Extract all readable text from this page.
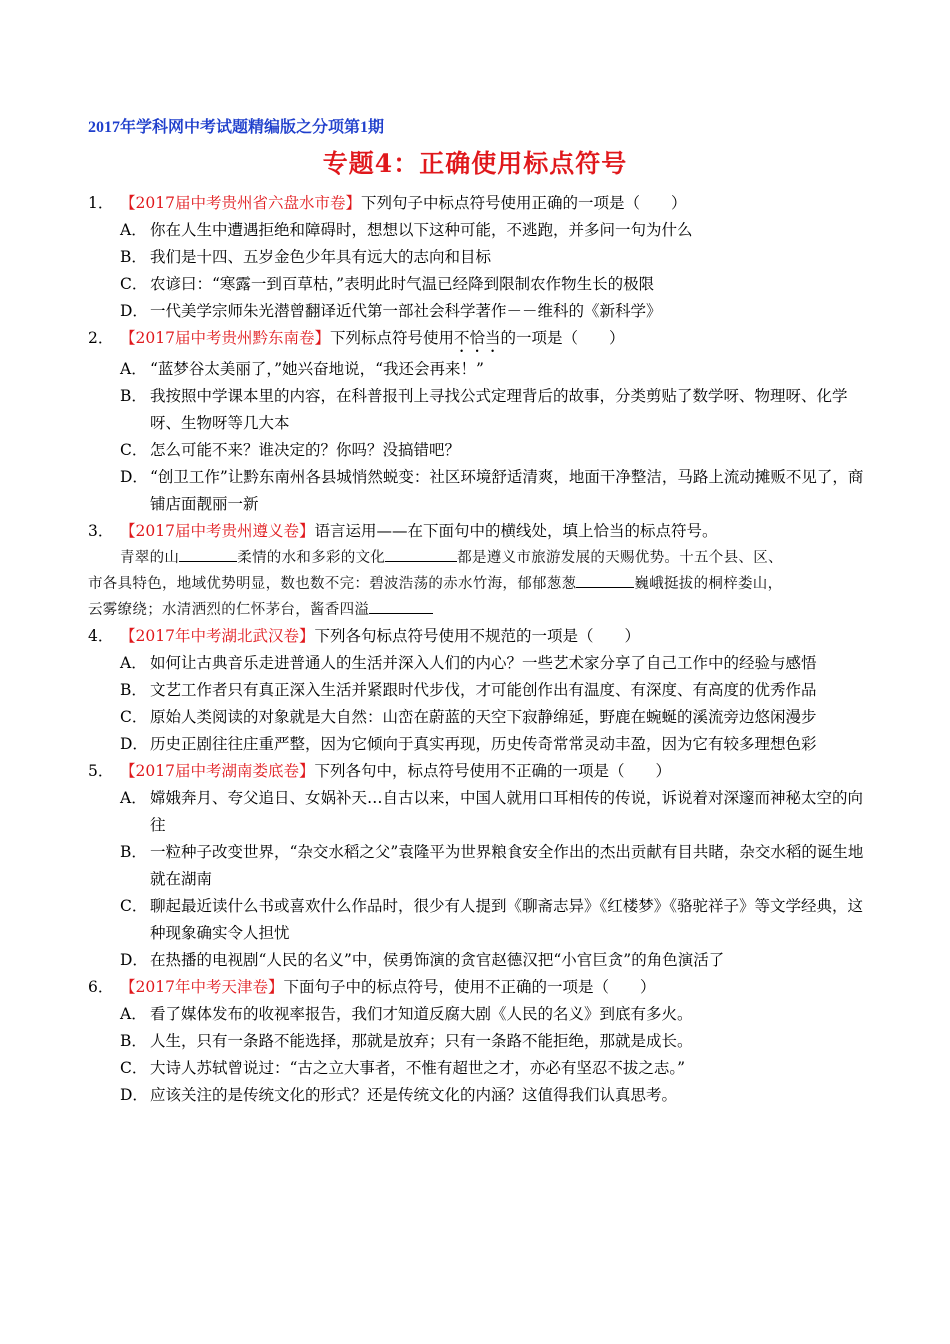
2017年学科网中考试题精编版之分项第1期
专题4：正确使用标点符号
1． 【2017届中考贵州省六盘水市卷】下列句子中标点符号使用正确的一项是（　　）
A． 你在人生中遭遇拒绝和障碍时，想想以下这种可能，不逃跑，并多问一句为什么
B． 我们是十四、五岁金色少年具有远大的志向和目标
C． 农谚曰：“寒露一到百草枯，”表明此时气温已经降到限制农作物生长的极限
D． 一代美学宗师朱光潜曾翻译近代第一部社会科学著作－－维科的《新科学》
2． 【2017届中考贵州黔东南卷】下列标点符号使用不恰当的一项是（　　）
A． “蓝梦谷太美丽了，”她兴奋地说，“我还会再来！”
B． 我按照中学课本里的内容，在科普报刊上寻找公式定理背后的故事，分类剪贴了数学呀、物理呀、化学呀、生物呀等几大本
C． 怎么可能不来？谁决定的？你吗？没搞错吧？
D． “创卫工作”让黔东南州各县城悄然蜕变：社区环境舒适清爽，地面干净整洁，马路上流动摊贩不见了，商铺店面靓丽一新
3． 【2017届中考贵州遵义卷】语言运用——在下面句中的横线处，填上恰当的标点符号。

青翠的山	柔情的水和多彩的文化	都是遵义市旅游发展的天赐优势。十五个县、区、

市各具特色，地域优势明显，数也数不完：碧波浩荡的赤水竹海，郁郁葱葱	巍峨挺拔的桐梓娄山，

云雾缭绕；水清洒烈的仁怀茅台，酱香四溢

4． 【2017年中考湖北武汉卷】下列各句标点符号使用不规范的一项是（　　）
A． 如何让古典音乐走进普通人的生活并深入人们的内心？一些艺术家分享了自己工作中的经验与感悟
B． 文艺工作者只有真正深入生活并紧跟时代步伐，才可能创作出有温度、有深度、有高度的优秀作品
C． 原始人类阅读的对象就是大自然：山峦在蔚蓝的天空下寂静绵延，野鹿在蜿蜒的溪流旁边悠闲漫步
D． 历史正剧往往庄重严整，因为它倾向于真实再现，历史传奇常常灵动丰盈，因为它有较多理想色彩
5． 【2017届中考湖南娄底卷】下列各句中，标点符号使用不正确的一项是（　　）
A． 嫦娥奔月、夸父追日、女娲补天…自古以来，中国人就用口耳相传的传说，诉说着对深邃而神秘太空的向往
B． 一粒种子改变世界，“杂交水稻之父”袁隆平为世界粮食安全作出的杰出贡献有目共睹，杂交水稻的诞生地就在湖南
C． 聊起最近读什么书或喜欢什么作品时，很少有人提到《聊斋志异》《红楼梦》《骆驼祥子》等文学经典，这种现象确实令人担忧
D． 在热播的电视剧“人民的名义”中，侯勇饰演的贪官赵德汉把“小官巨贪”的角色演活了
6． 【2017年中考天津卷】下面句子中的标点符号，使用不正确的一项是（　　）
A． 看了媒体发布的收视率报告，我们才知道反腐大剧《人民的名义》到底有多火。
B． 人生，只有一条路不能选择，那就是放弃；只有一条路不能拒绝，那就是成长。
C． 大诗人苏轼曾说过：“古之立大事者，不惟有超世之才，亦必有坚忍不拔之志。”
D． 应该关注的是传统文化的形式？还是传统文化的内涵？这值得我们认真思考。
